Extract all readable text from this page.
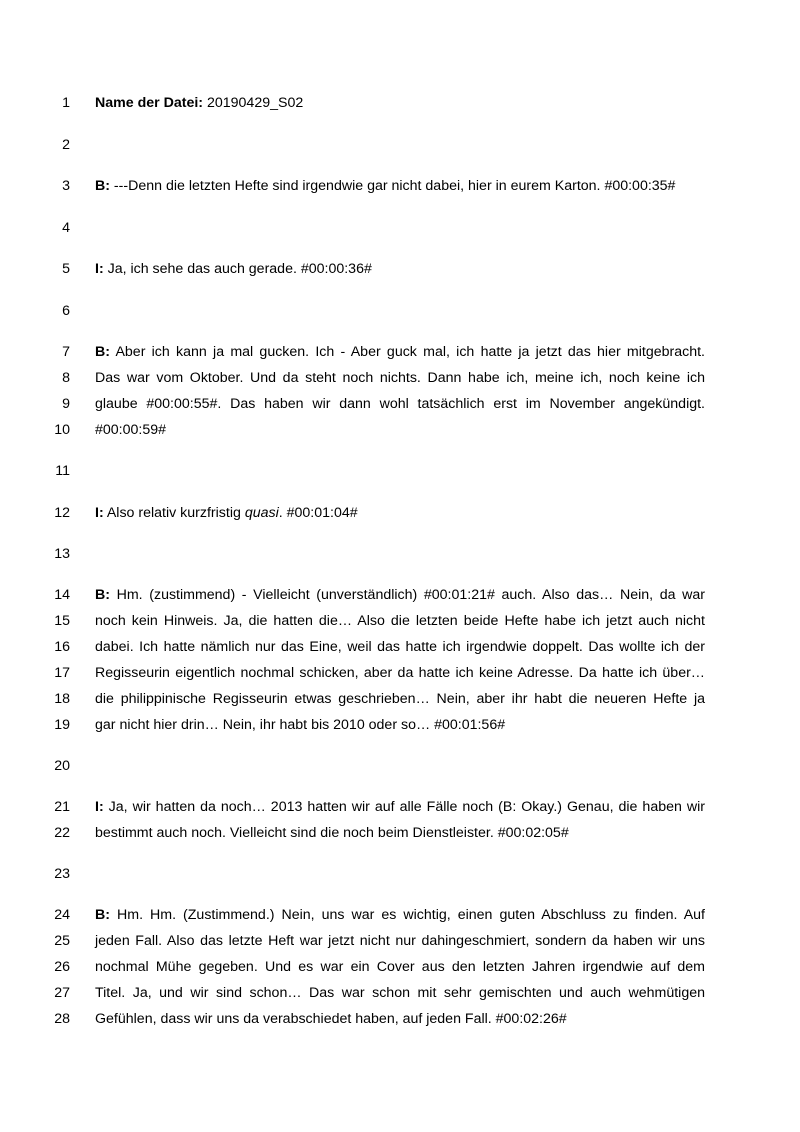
1 Name der Datei: 20190429_S02
2
3 B: ---Denn die letzten Hefte sind irgendwie gar nicht dabei, hier in eurem Karton. #00:00:35#
4
5 I: Ja, ich sehe das auch gerade. #00:00:36#
6
7 B: Aber ich kann ja mal gucken. Ich - Aber guck mal, ich hatte ja jetzt das hier mitgebracht.
8 Das war vom Oktober. Und da steht noch nichts. Dann habe ich, meine ich, noch keine ich
9 glaube #00:00:55#. Das haben wir dann wohl tatsächlich erst im November angekündigt.
10 #00:00:59#
11
12 I: Also relativ kurzfristig quasi. #00:01:04#
13
14 B: Hm. (zustimmend) - Vielleicht (unverständlich) #00:01:21# auch. Also das… Nein, da war
15 noch kein Hinweis. Ja, die hatten die… Also die letzten beide Hefte habe ich jetzt auch nicht
16 dabei. Ich hatte nämlich nur das Eine, weil das hatte ich irgendwie doppelt. Das wollte ich der
17 Regisseurin eigentlich nochmal schicken, aber da hatte ich keine Adresse. Da hatte ich über…
18 die philippinische Regisseurin etwas geschrieben… Nein, aber ihr habt die neueren Hefte ja
19 gar nicht hier drin… Nein, ihr habt bis 2010 oder so… #00:01:56#
20
21 I: Ja, wir hatten da noch… 2013 hatten wir auf alle Fälle noch (B: Okay.) Genau, die haben wir
22 bestimmt auch noch. Vielleicht sind die noch beim Dienstleister. #00:02:05#
23
24 B: Hm. Hm. (Zustimmend.) Nein, uns war es wichtig, einen guten Abschluss zu finden. Auf
25 jeden Fall. Also das letzte Heft war jetzt nicht nur dahingeschmiert, sondern da haben wir uns
26 nochmal Mühe gegeben. Und es war ein Cover aus den letzten Jahren irgendwie auf dem
27 Titel. Ja, und wir sind schon… Das war schon mit sehr gemischten und auch wehmütigen
28 Gefühlen, dass wir uns da verabschiedet haben, auf jeden Fall. #00:02:26#
